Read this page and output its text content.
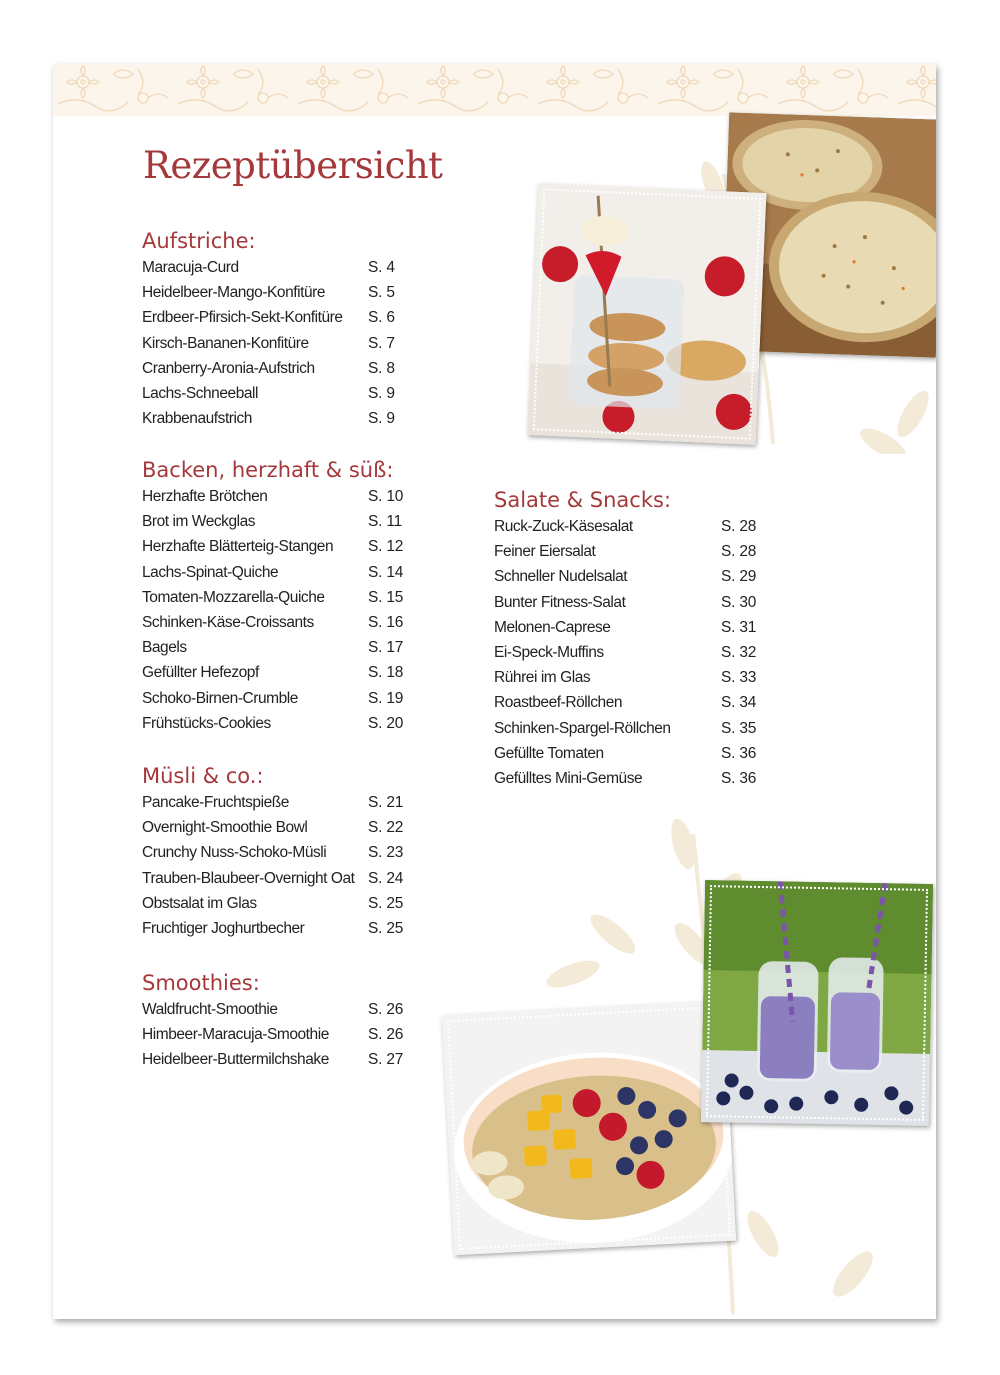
Rezeptübersicht
Aufstriche:
Maracuja-Curd	S. 4
Heidelbeer-Mango-Konfitüre	S. 5
Erdbeer-Pfirsich-Sekt-Konfitüre S. 6
Kirsch-Bananen-Konfitüre	S. 7
Cranberry-Aronia-Aufstrich	S. 8
Lachs-Schneeball	S. 9
Krabbenaufstrich	S. 9
Backen, herzhaft & süß:
Herzhafte Brötchen	S. 10
Brot im Weckglas	S. 11
Herzhafte Blätterteig-Stangen S. 12
Lachs-Spinat-Quiche	S. 14
Tomaten-Mozzarella-Quiche	S. 15
Schinken-Käse-Croissants	S. 16
Bagels	S. 17
Gefüllter Hefezopf	S. 18
Schoko-Birnen-Crumble	S. 19
Frühstücks-Cookies	S. 20
Müsli & co.:
Pancake-Fruchtspieße	S. 21
Overnight-Smoothie Bowl	S. 22
Crunchy Nuss-Schoko-Müsli	S. 23
Trauben-Blaubeer-Overnight Oat S. 24
Obstsalat im Glas	S. 25
Fruchtiger Joghurtbecher	S. 25
Smoothies:
Waldfrucht-Smoothie	S. 26
Himbeer-Maracuja-Smoothie	S. 26
Heidelbeer-Buttermilchshake	S. 27
Salate & Snacks:
Ruck-Zuck-Käsesalat	S. 28
Feiner Eiersalat	S. 28
Schneller Nudelsalat	S. 29
Bunter Fitness-Salat	S. 30
Melonen-Caprese	S. 31
Ei-Speck-Muffins	S. 32
Rührei im Glas	S. 33
Roastbeef-Röllchen	S. 34
Schinken-Spargel-Röllchen	S. 35
Gefüllte Tomaten	S. 36
Gefülltes Mini-Gemüse	S. 36
